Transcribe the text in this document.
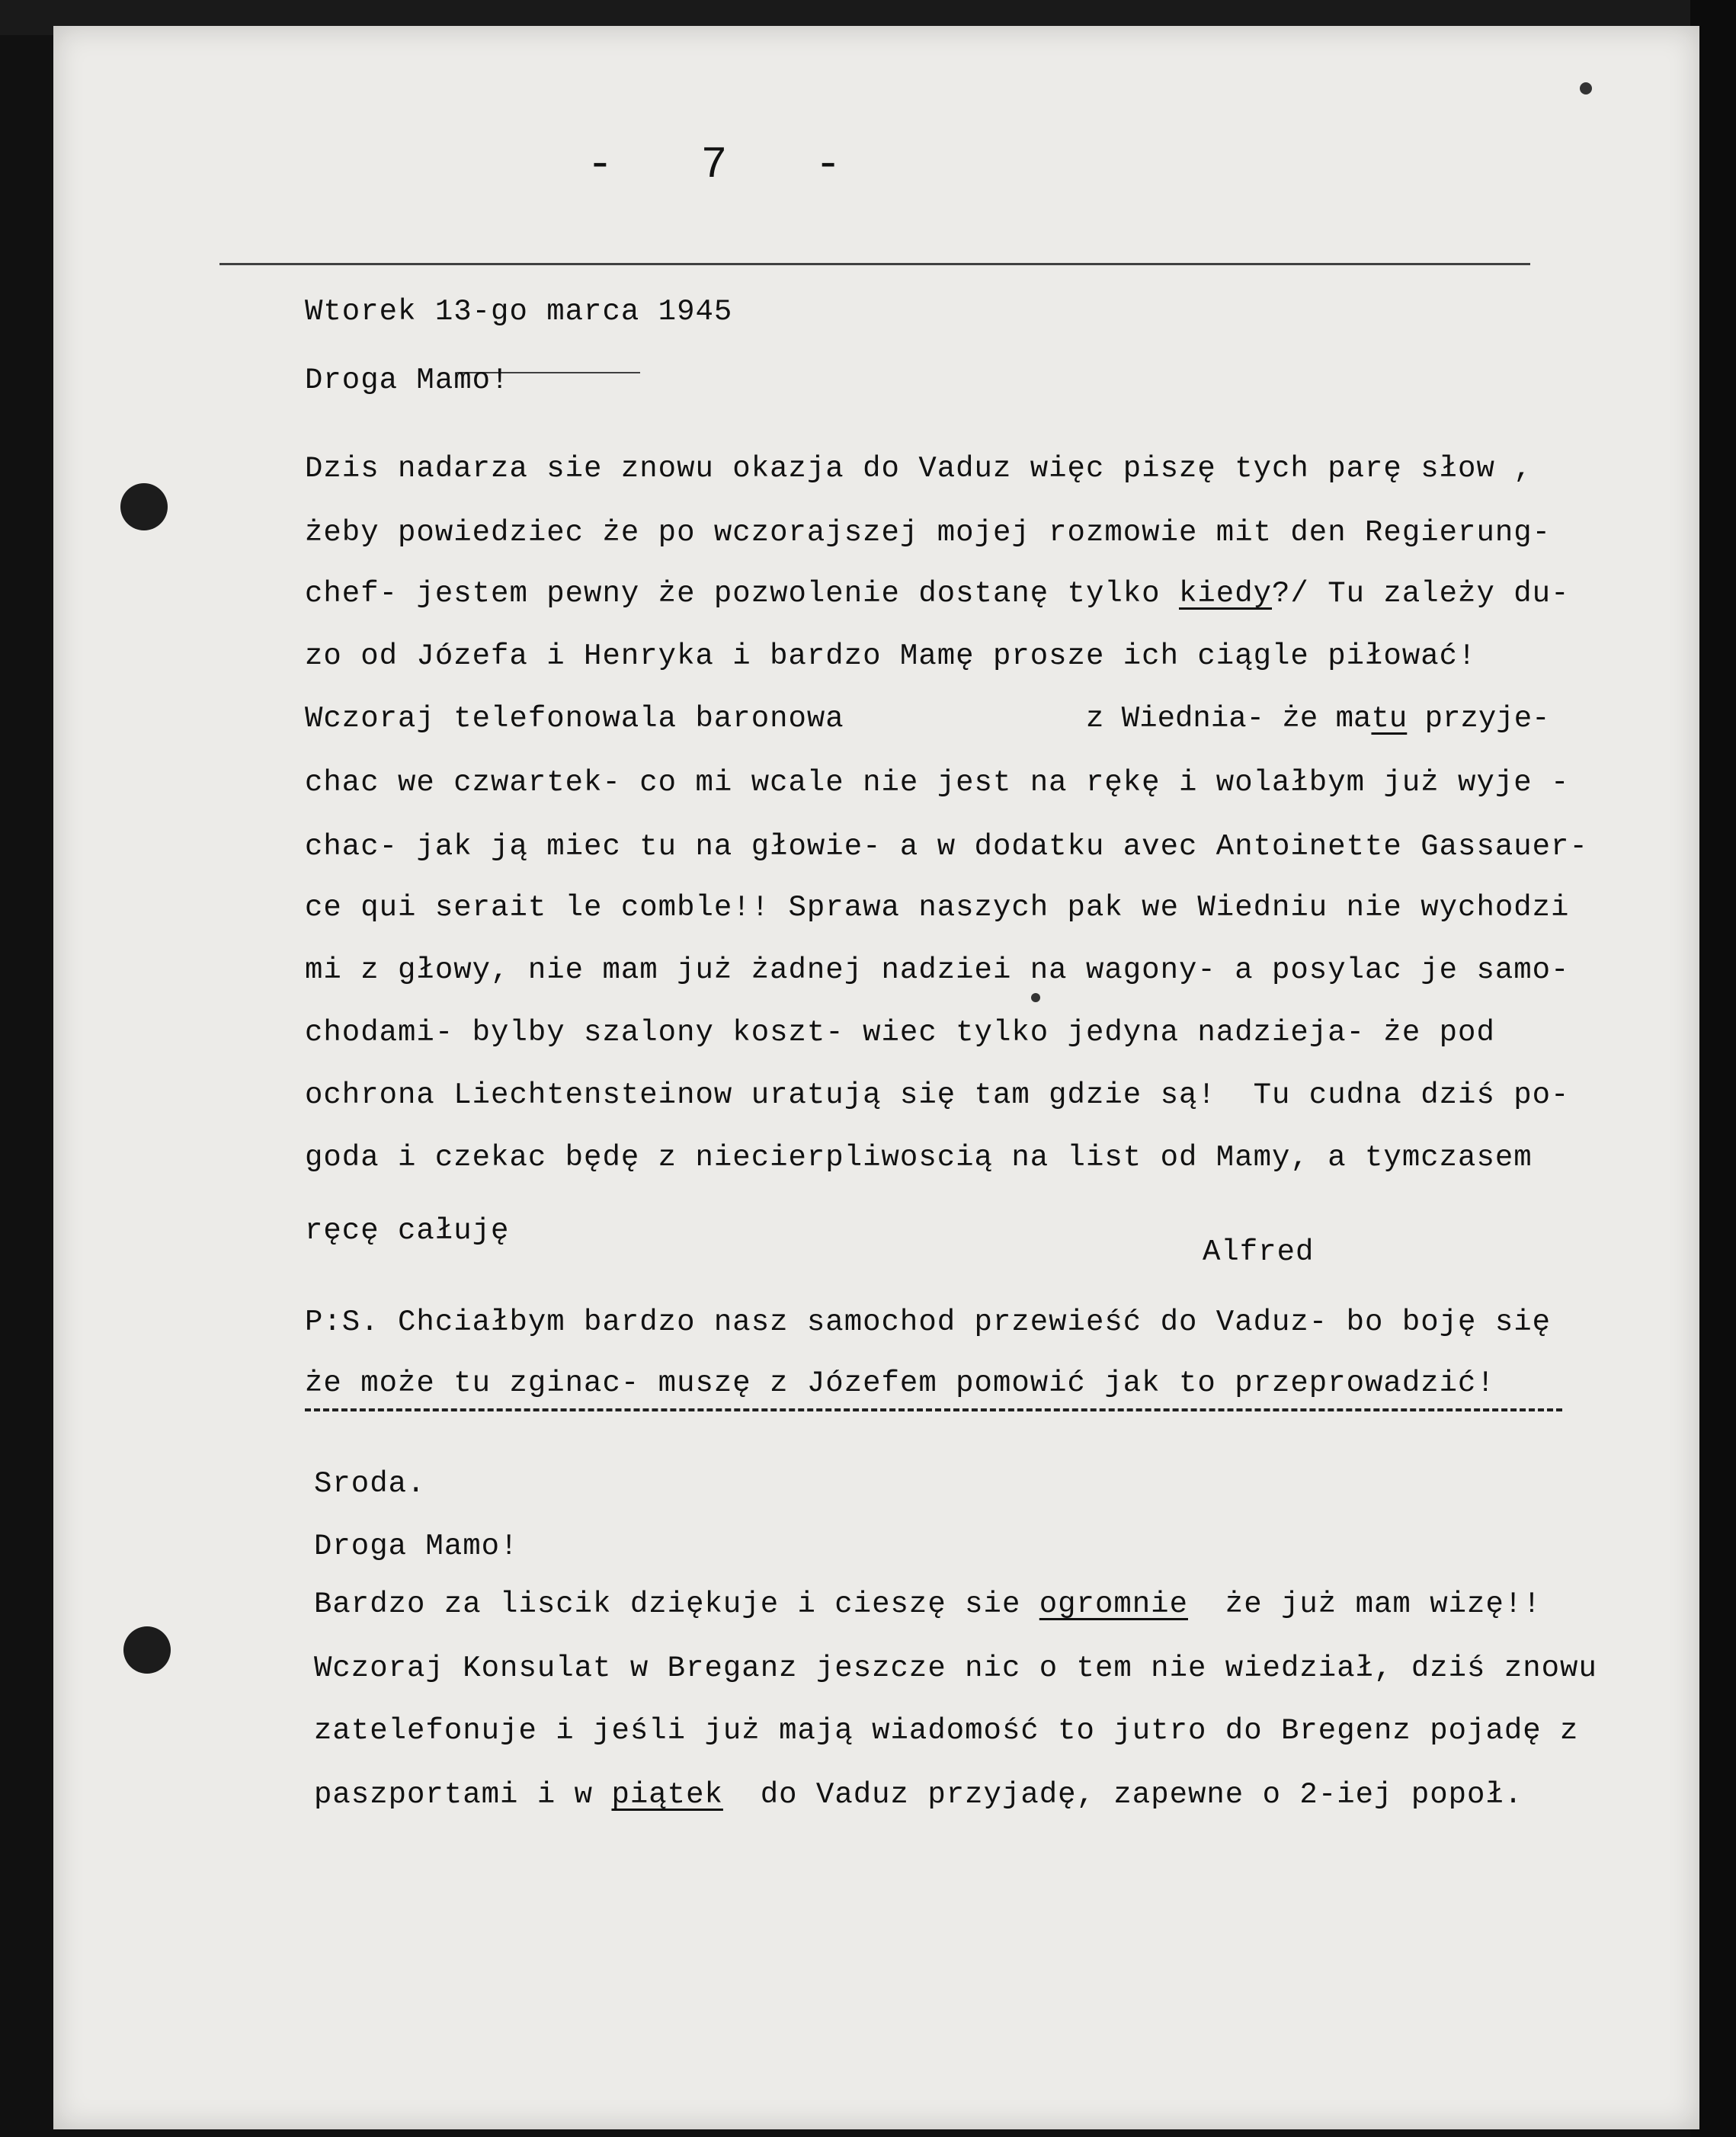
- 7 -
Wtorek 13-go marca 1945
Droga Mamo!
Dzis nadarza sie znowu okazja do Vaduz więc piszę tych parę słow ,
żeby powiedziec że po wczorajszej mojej rozmowie mit den Regierung-
chef- jestem pewny że pozwolenie dostanę tylko kiedy?/ Tu zależy du-
zo od Józefa i Henryka i bardzo Mamę prosze ich ciągle piłować!
Wczoraj telefonowala baronowa	z Wiednia- że matu przyje-
chac we czwartek- co mi wcale nie jest na rękę i wolałbym już wyje -
chac- jak ją miec tu na głowie- a w dodatku avec Antoinette Gassauer-
ce qui serait le comble!! Sprawa naszych pak we Wiedniu nie wychodzi
mi z głowy, nie mam już żadnej nadziei na wagony- a posylac je samo-
chodami- bylby szalony koszt- wiec tylko jedyna nadzieja- że pod
ochrona Liechtensteinow uratują się tam gdzie są!  Tu cudna dziś po-
goda i czekac będę z niecierpliwoscią na list od Mamy, a tymczasem
ręcę całuję
Alfred
P:S. Chciałbym bardzo nasz samochod przewieść do Vaduz- bo boję się
że może tu zginac- muszę z Józefem pomowić jak to przeprowadzić!
Sroda.
Droga Mamo!
Bardzo za liscik dziękuje i cieszę sie ogromnie  że już mam wizę!!
Wczoraj Konsulat w Breganz jeszcze nic o tem nie wiedział, dziś znowu
zatelefonuje i jeśli już mają wiadomość to jutro do Bregenz pojadę z
paszportami i w piątek  do Vaduz przyjadę, zapewne o 2-iej popoł.
